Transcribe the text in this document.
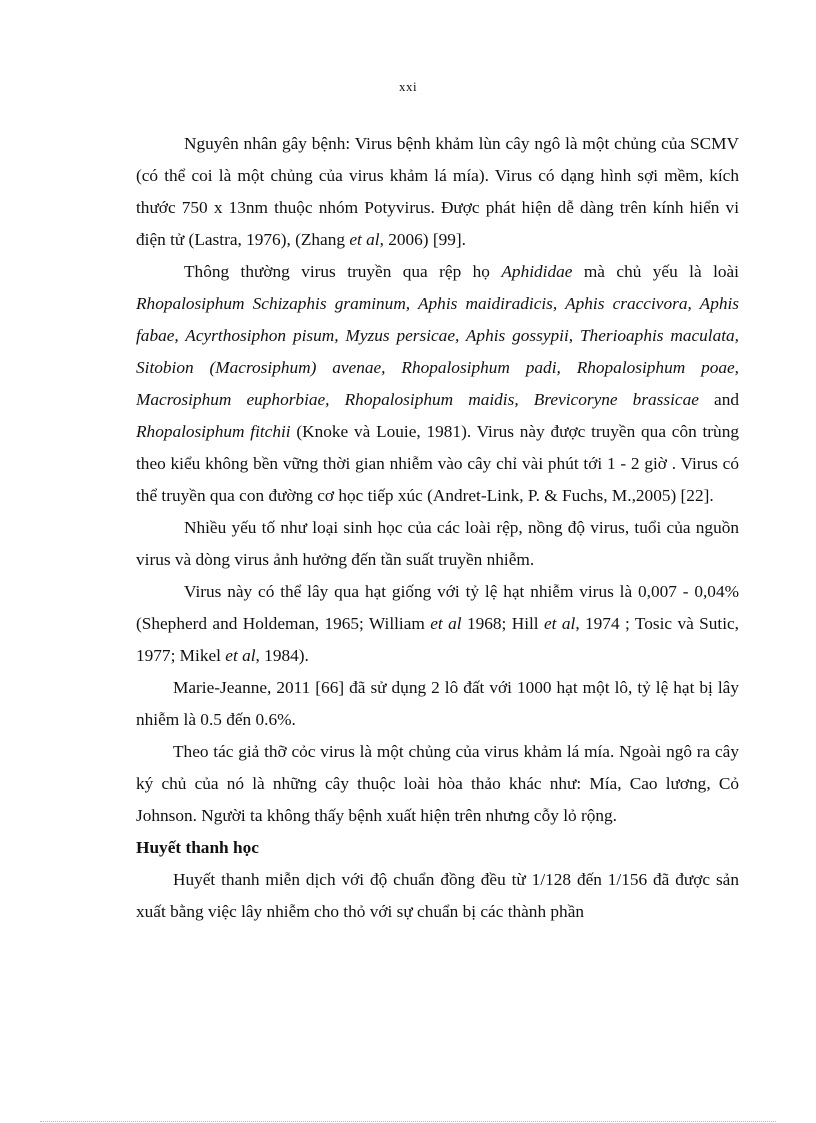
xxi

Nguyên nhân gây bệnh: Virus bệnh khảm lùn cây ngô là một chủng của SCMV (có thể coi là một chủng của virus khảm lá mía). Virus có dạng hình sợi mềm, kích thước 750 x 13nm thuộc nhóm Potyvirus. Được phát hiện dễ dàng trên kính hiển vi điện tử (Lastra, 1976), (Zhang et al, 2006) [99].

Thông thường virus truyền qua rệp họ Aphididae mà chủ yếu là loài Rhopalosiphum Schizaphis graminum, Aphis maidiradicis, Aphis craccivora, Aphis fabae, Acyrthosiphon pisum, Myzus persicae, Aphis gossypii, Therioaphis maculata, Sitobion (Macrosiphum) avenae, Rhopalosiphum padi, Rhopalosiphum poae, Macrosiphum euphorbiae, Rhopalosiphum maidis, Brevicoryne brassicae and Rhopalosiphum fitchii (Knoke và Louie, 1981). Virus này được truyền qua côn trùng theo kiểu không bền vững thời gian nhiễm vào cây chỉ vài phút tới 1 - 2 giờ . Virus có thể truyền qua con đường cơ học tiếp xúc (Andret-Link, P. & Fuchs, M.,2005) [22].

Nhiều yếu tố như loại sinh học của các loài rệp, nồng độ virus, tuổi của nguồn virus và dòng virus ảnh hưởng đến tần suất truyền nhiễm.

Virus này có thể lây qua hạt giống với tỷ lệ hạt nhiễm virus là 0,007 - 0,04% (Shepherd and Holdeman, 1965; William et al 1968; Hill et al, 1974 ; Tosic và Sutic, 1977; Mikel et al, 1984).

Marie-Jeanne, 2011 [66] đã sử dụng 2 lô đất với 1000 hạt một lô, tỷ lệ hạt bị lây nhiễm là 0.5 đến 0.6%.

Theo tác giả thỡ cỏc virus là một chủng của virus khảm lá mía. Ngoài ngô ra cây ký chủ của nó là những cây thuộc loài hòa thảo khác như: Mía, Cao lương, Cỏ Johnson. Người ta không thấy bệnh xuất hiện trên nhưng cỗy lỏ rộng.

Huyết thanh học

Huyết thanh miễn dịch với độ chuẩn đồng đều từ 1/128 đến 1/156 đã được sản xuất bằng việc lây nhiễm cho thỏ với sự chuẩn bị các thành phần
